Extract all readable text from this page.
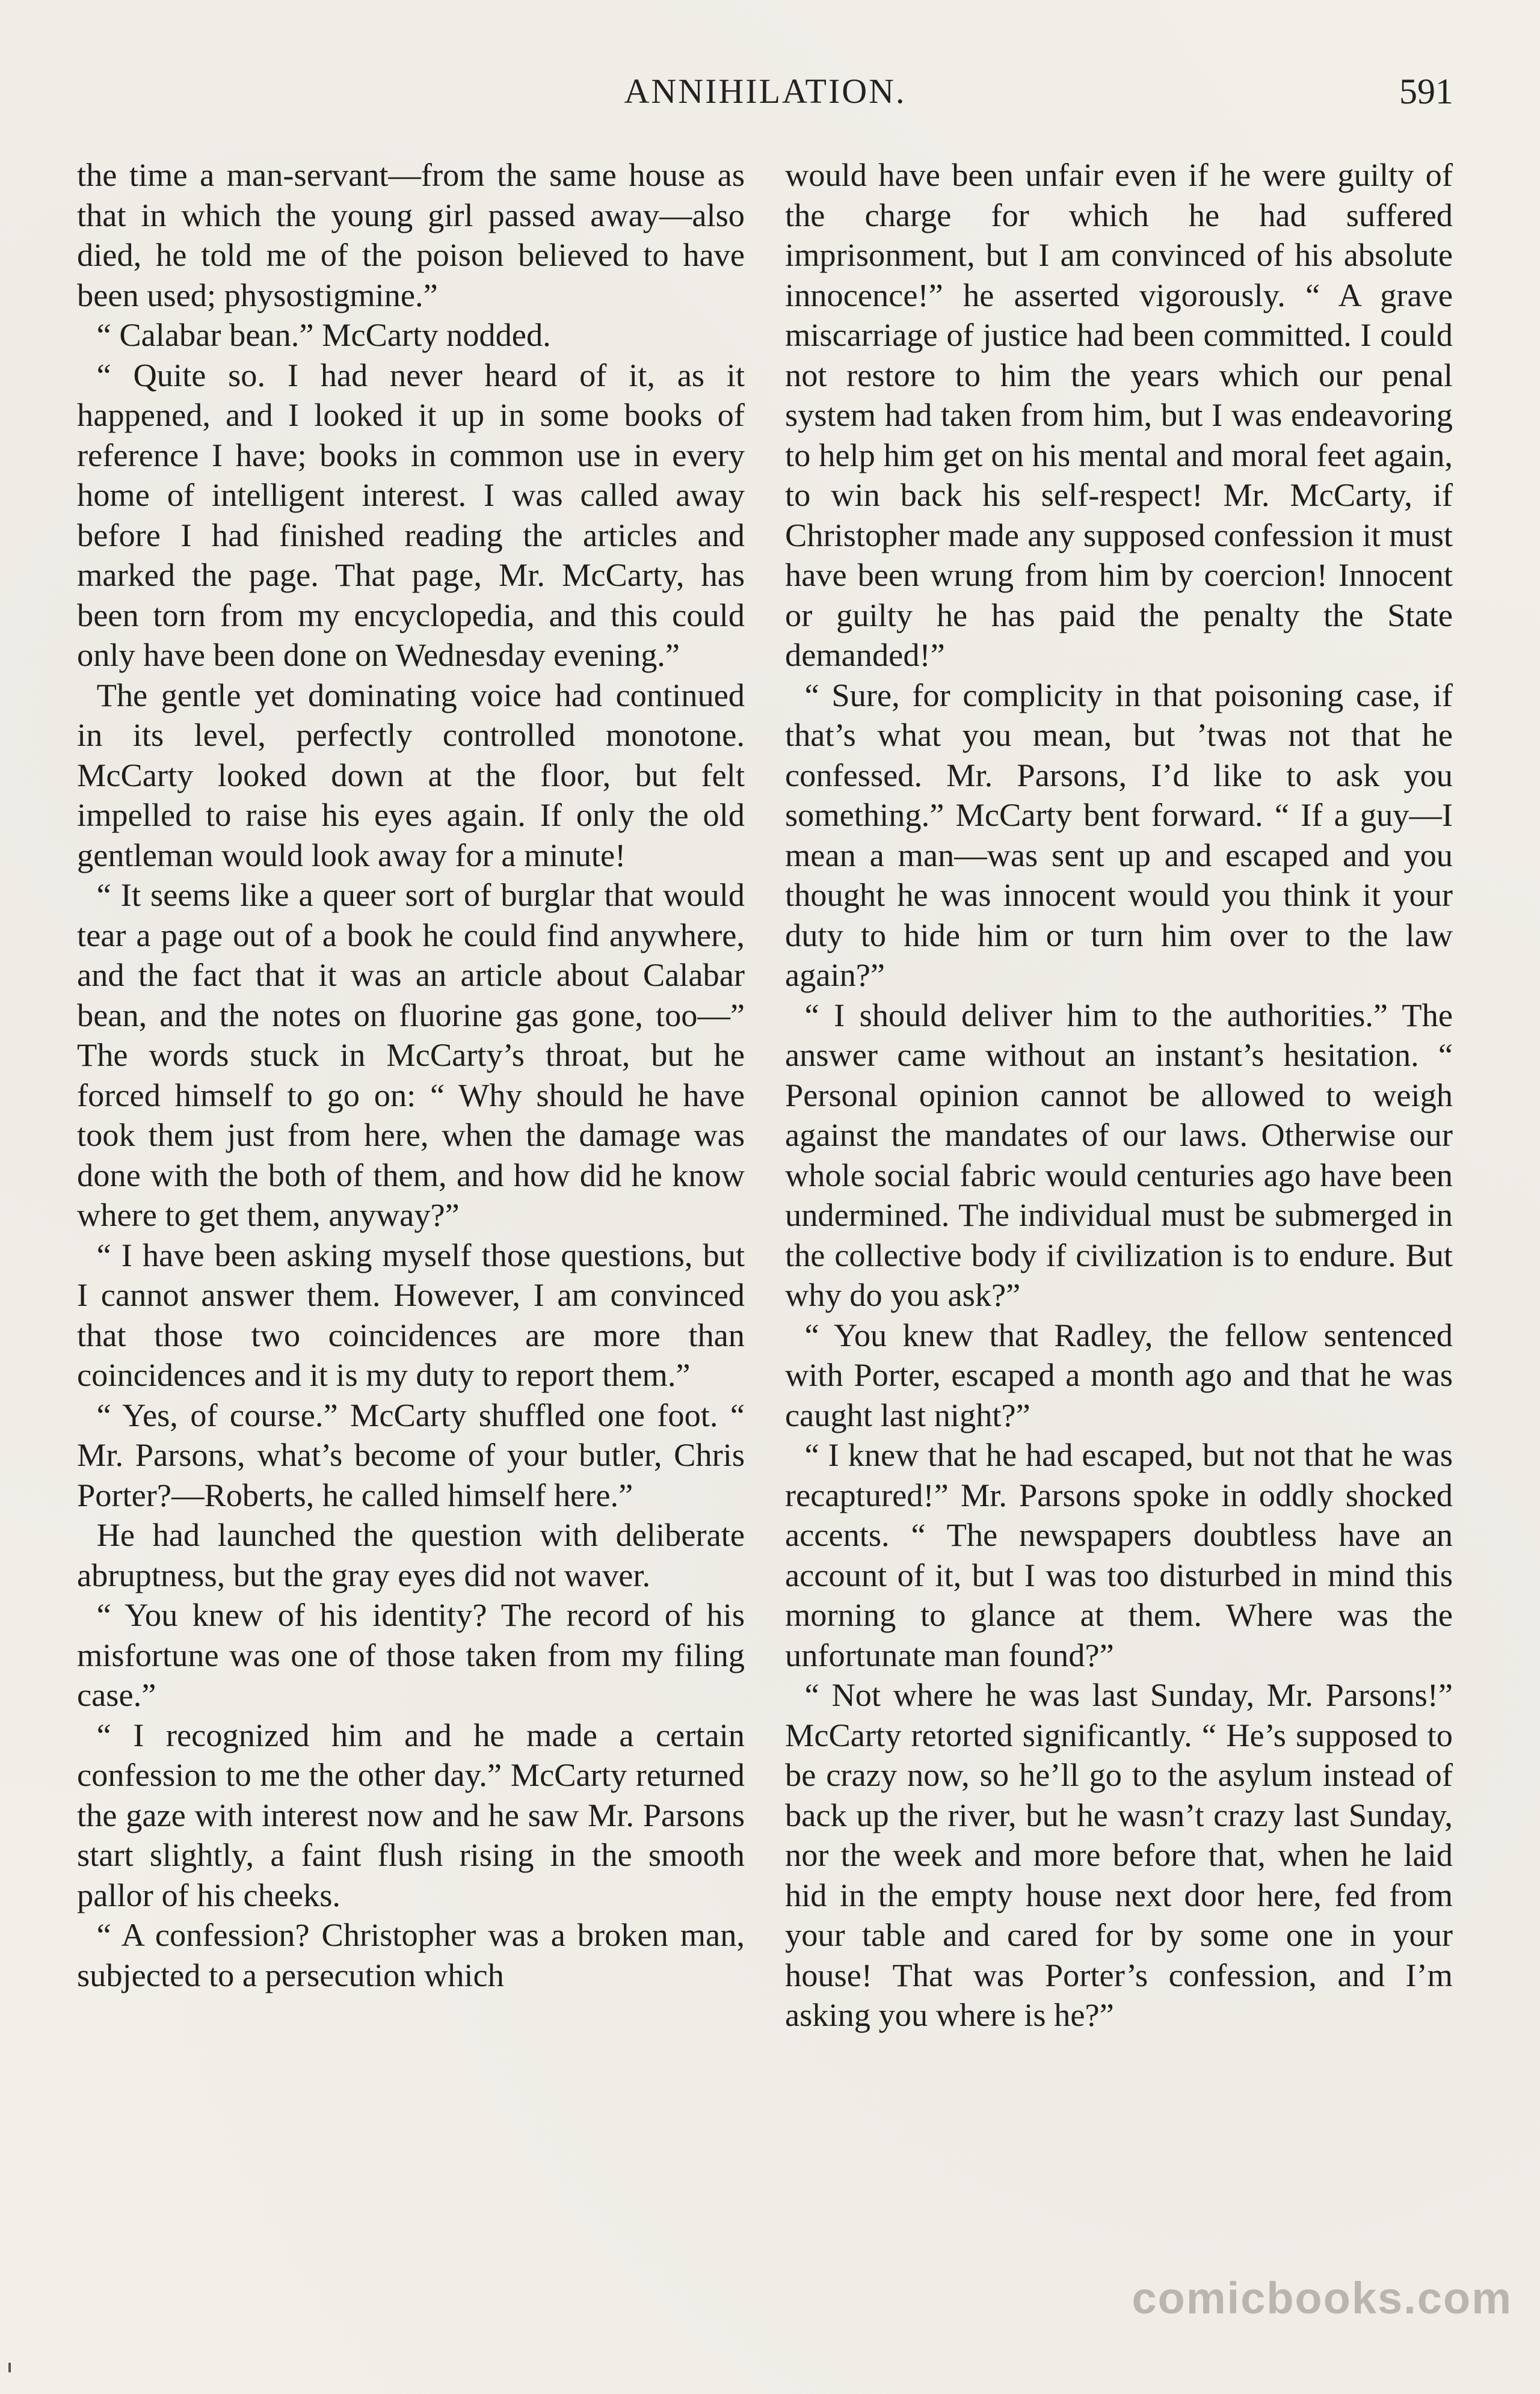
ANNIHILATION.	591

the time a man-servant—from the same house as that in which the young girl passed away—also died, he told me of the poison believed to have been used; physostigmine.”

“ Calabar bean.” McCarty nodded.

“ Quite so. I had never heard of it, as it happened, and I looked it up in some books of reference I have; books in common use in every home of intelligent interest. I was called away before I had finished reading the articles and marked the page. That page, Mr. McCarty, has been torn from my encyclopedia, and this could only have been done on Wednesday evening.”

The gentle yet dominating voice had continued in its level, perfectly controlled monotone. McCarty looked down at the floor, but felt impelled to raise his eyes again. If only the old gentleman would look away for a minute!

“ It seems like a queer sort of burglar that would tear a page out of a book he could find anywhere, and the fact that it was an article about Calabar bean, and the notes on fluorine gas gone, too—” The words stuck in McCarty’s throat, but he forced himself to go on: “ Why should he have took them just from here, when the damage was done with the both of them, and how did he know where to get them, anyway?”

“ I have been asking myself those questions, but I cannot answer them. However, I am convinced that those two coincidences are more than coincidences and it is my duty to report them.”

“ Yes, of course.” McCarty shuffled one foot. “ Mr. Parsons, what’s become of your butler, Chris Porter?—Roberts, he called himself here.”

He had launched the question with deliberate abruptness, but the gray eyes did not waver.

“ You knew of his identity? The record of his misfortune was one of those taken from my filing case.”

“ I recognized him and he made a certain confession to me the other day.” McCarty returned the gaze with interest now and he saw Mr. Parsons start slightly, a faint flush rising in the smooth pallor of his cheeks.

“ A confession? Christopher was a broken man, subjected to a persecution which

would have been unfair even if he were guilty of the charge for which he had suffered imprisonment, but I am convinced of his absolute innocence!” he asserted vigorously. “ A grave miscarriage of justice had been committed. I could not restore to him the years which our penal system had taken from him, but I was endeavoring to help him get on his mental and moral feet again, to win back his self-respect! Mr. McCarty, if Christopher made any supposed confession it must have been wrung from him by coercion! Innocent or guilty he has paid the penalty the State demanded!”

“ Sure, for complicity in that poisoning case, if that’s what you mean, but ’twas not that he confessed. Mr. Parsons, I’d like to ask you something.” McCarty bent forward. “ If a guy—I mean a man—was sent up and escaped and you thought he was innocent would you think it your duty to hide him or turn him over to the law again?”

“ I should deliver him to the authorities.” The answer came without an instant’s hesitation. “ Personal opinion cannot be allowed to weigh against the mandates of our laws. Otherwise our whole social fabric would centuries ago have been undermined. The individual must be submerged in the collective body if civilization is to endure. But why do you ask?”

“ You knew that Radley, the fellow sentenced with Porter, escaped a month ago and that he was caught last night?”

“ I knew that he had escaped, but not that he was recaptured!” Mr. Parsons spoke in oddly shocked accents. “ The newspapers doubtless have an account of it, but I was too disturbed in mind this morning to glance at them. Where was the unfortunate man found?”

“ Not where he was last Sunday, Mr. Parsons!” McCarty retorted significantly. “ He’s supposed to be crazy now, so he’ll go to the asylum instead of back up the river, but he wasn’t crazy last Sunday, nor the week and more before that, when he laid hid in the empty house next door here, fed from your table and cared for by some one in your house! That was Porter’s confession, and I’m asking you where is he?”

comicbooks.com
